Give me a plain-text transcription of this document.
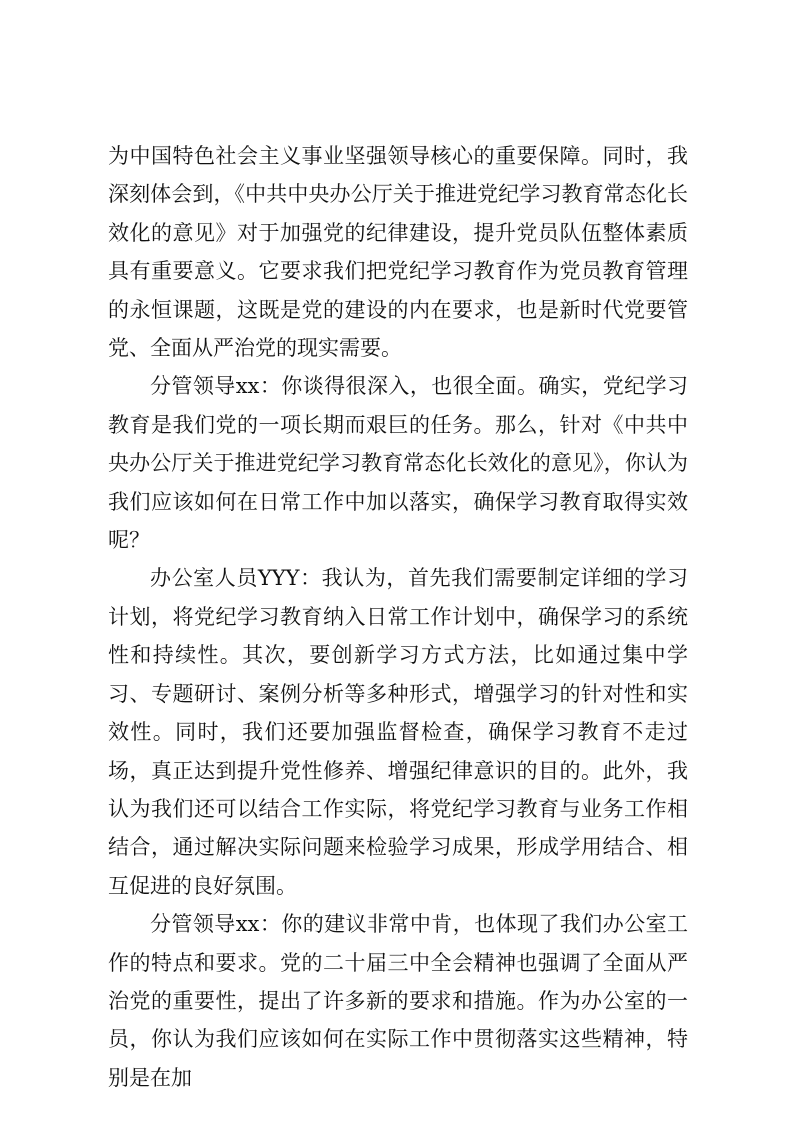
为中国特色社会主义事业坚强领导核心的重要保障。同时，我深刻体会到，《中共中央办公厅关于推进党纪学习教育常态化长效化的意见》对于加强党的纪律建设，提升党员队伍整体素质具有重要意义。它要求我们把党纪学习教育作为党员教育管理的永恒课题，这既是党的建设的内在要求，也是新时代党要管党、全面从严治党的现实需要。

分管领导xx：你谈得很深入，也很全面。确实，党纪学习教育是我们党的一项长期而艰巨的任务。那么，针对《中共中央办公厅关于推进党纪学习教育常态化长效化的意见》，你认为我们应该如何在日常工作中加以落实，确保学习教育取得实效呢？

办公室人员YYY：我认为，首先我们需要制定详细的学习计划，将党纪学习教育纳入日常工作计划中，确保学习的系统性和持续性。其次，要创新学习方式方法，比如通过集中学习、专题研讨、案例分析等多种形式，增强学习的针对性和实效性。同时，我们还要加强监督检查，确保学习教育不走过场，真正达到提升党性修养、增强纪律意识的目的。此外，我认为我们还可以结合工作实际，将党纪学习教育与业务工作相结合，通过解决实际问题来检验学习成果，形成学用结合、相互促进的良好氛围。

分管领导xx：你的建议非常中肯，也体现了我们办公室工作的特点和要求。党的二十届三中全会精神也强调了全面从严治党的重要性，提出了许多新的要求和措施。作为办公室的一员，你认为我们应该如何在实际工作中贯彻落实这些精神，特别是在加
